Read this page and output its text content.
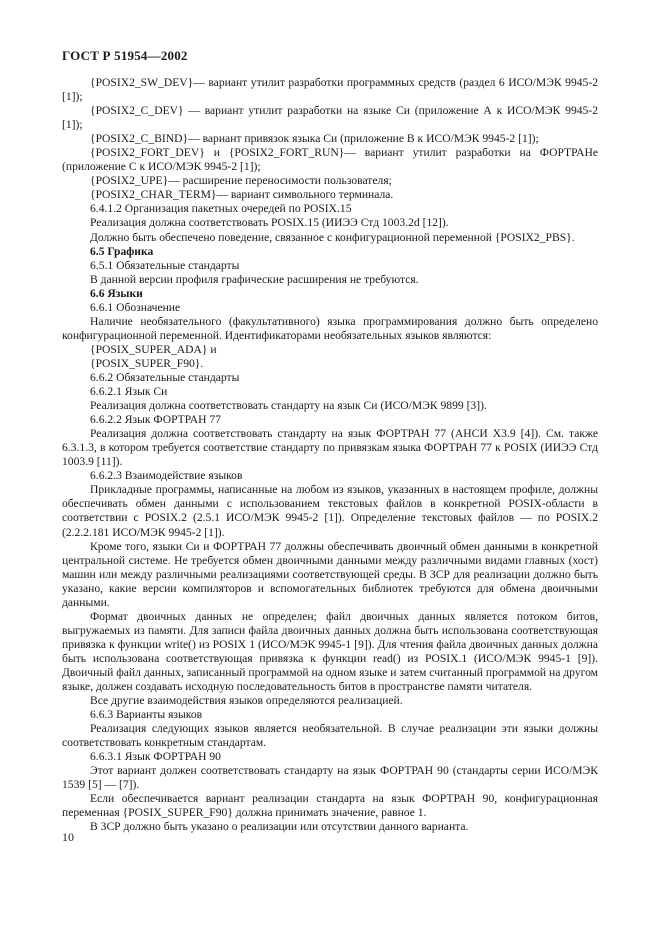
ГОСТ Р 51954—2002

{POSIX2_SW_DEV}— вариант утилит разработки программных средств (раздел 6 ИСО/МЭК 9945-2 [1]);

{POSIX2_C_DEV} — вариант утилит разработки на языке Си (приложение А к ИСО/МЭК 9945-2 [1]);

{POSIX2_C_BIND}— вариант привязок языка Си (приложение В к ИСО/МЭК 9945-2 [1]);

{POSIX2_FORT_DEV} и {POSIX2_FORT_RUN}— вариант утилит разработки на ФОРТРАНе (приложение С к ИСО/МЭК 9945-2 [1]);

{POSIX2_UPE}— расширение переносимости пользователя;

{POSIX2_CHAR_TERM}— вариант символьного терминала.

6.4.1.2 Организация пакетных очередей по POSIX.15

Реализация должна соответствовать POSIX.15 (ИИЭЭ Стд 1003.2d [12]).

Должно быть обеспечено поведение, связанное с конфигурационной переменной {POSIX2_PBS}.

6.5 Графика

6.5.1 Обязательные стандарты

В данной версии профиля графические расширения не требуются.

6.6 Языки

6.6.1 Обозначение

Наличие необязательного (факультативного) языка программирования должно быть определено конфигурационной переменной. Идентификаторами необязательных языков являются:

{POSIX_SUPER_ADA} и

{POSIX_SUPER_F90}.

6.6.2 Обязательные стандарты

6.6.2.1 Язык Си

Реализация должна соответствовать стандарту на язык Си (ИСО/МЭК 9899 [3]).

6.6.2.2 Язык ФОРТРАН 77

Реализация должна соответствовать стандарту на язык ФОРТРАН 77 (АНСИ Х3.9 [4]). См. также 6.3.1.3, в котором требуется соответствие стандарту по привязкам языка ФОРТРАН 77 к POSIX (ИИЭЭ Стд 1003.9 [11]).

6.6.2.3 Взаимодействие языков

Прикладные программы, написанные на любом из языков, указанных в настоящем профиле, должны обеспечивать обмен данными с использованием текстовых файлов в конкретной POSIX-области в соответствии с POSIX.2 (2.5.1 ИСО/МЭК 9945-2 [1]). Определение текстовых файлов — по POSIX.2 (2.2.2.181 ИСО/МЭК 9945-2 [1]).

Кроме того, языки Си и ФОРТРАН 77 должны обеспечивать двоичный обмен данными в конкретной центральной системе. Не требуется обмен двоичными данными между различными видами главных (хост) машин или между различными реализациями соответствующей среды. В ЗСР для реализации должно быть указано, какие версии компиляторов и вспомогательных библиотек требуются для обмена двоичными данными.

Формат двоичных данных не определен; файл двоичных данных является потоком битов, выгружаемых из памяти. Для записи файла двоичных данных должна быть использована соответствующая привязка к функции write() из POSIX 1 (ИСО/МЭК 9945-1 [9]). Для чтения файла двоичных данных должна быть использована соответствующая привязка к функции read() из POSIX.1 (ИСО/МЭК 9945-1 [9]). Двоичный файл данных, записанный программой на одном языке и затем считанный программой на другом языке, должен создавать исходную последовательность битов в пространстве памяти читателя.

Все другие взаимодействия языков определяются реализацией.

6.6.3 Варианты языков

Реализация следующих языков является необязательной. В случае реализации эти языки должны соответствовать конкретным стандартам.

6.6.3.1 Язык ФОРТРАН 90

Этот вариант должен соответствовать стандарту на язык ФОРТРАН 90 (стандарты серии ИСО/МЭК 1539 [5] — [7]).

Если обеспечивается вариант реализации стандарта на язык ФОРТРАН 90, конфигурационная переменная {POSIX_SUPER_F90} должна принимать значение, равное 1.

В ЗСР должно быть указано о реализации или отсутствии данного варианта.

10
